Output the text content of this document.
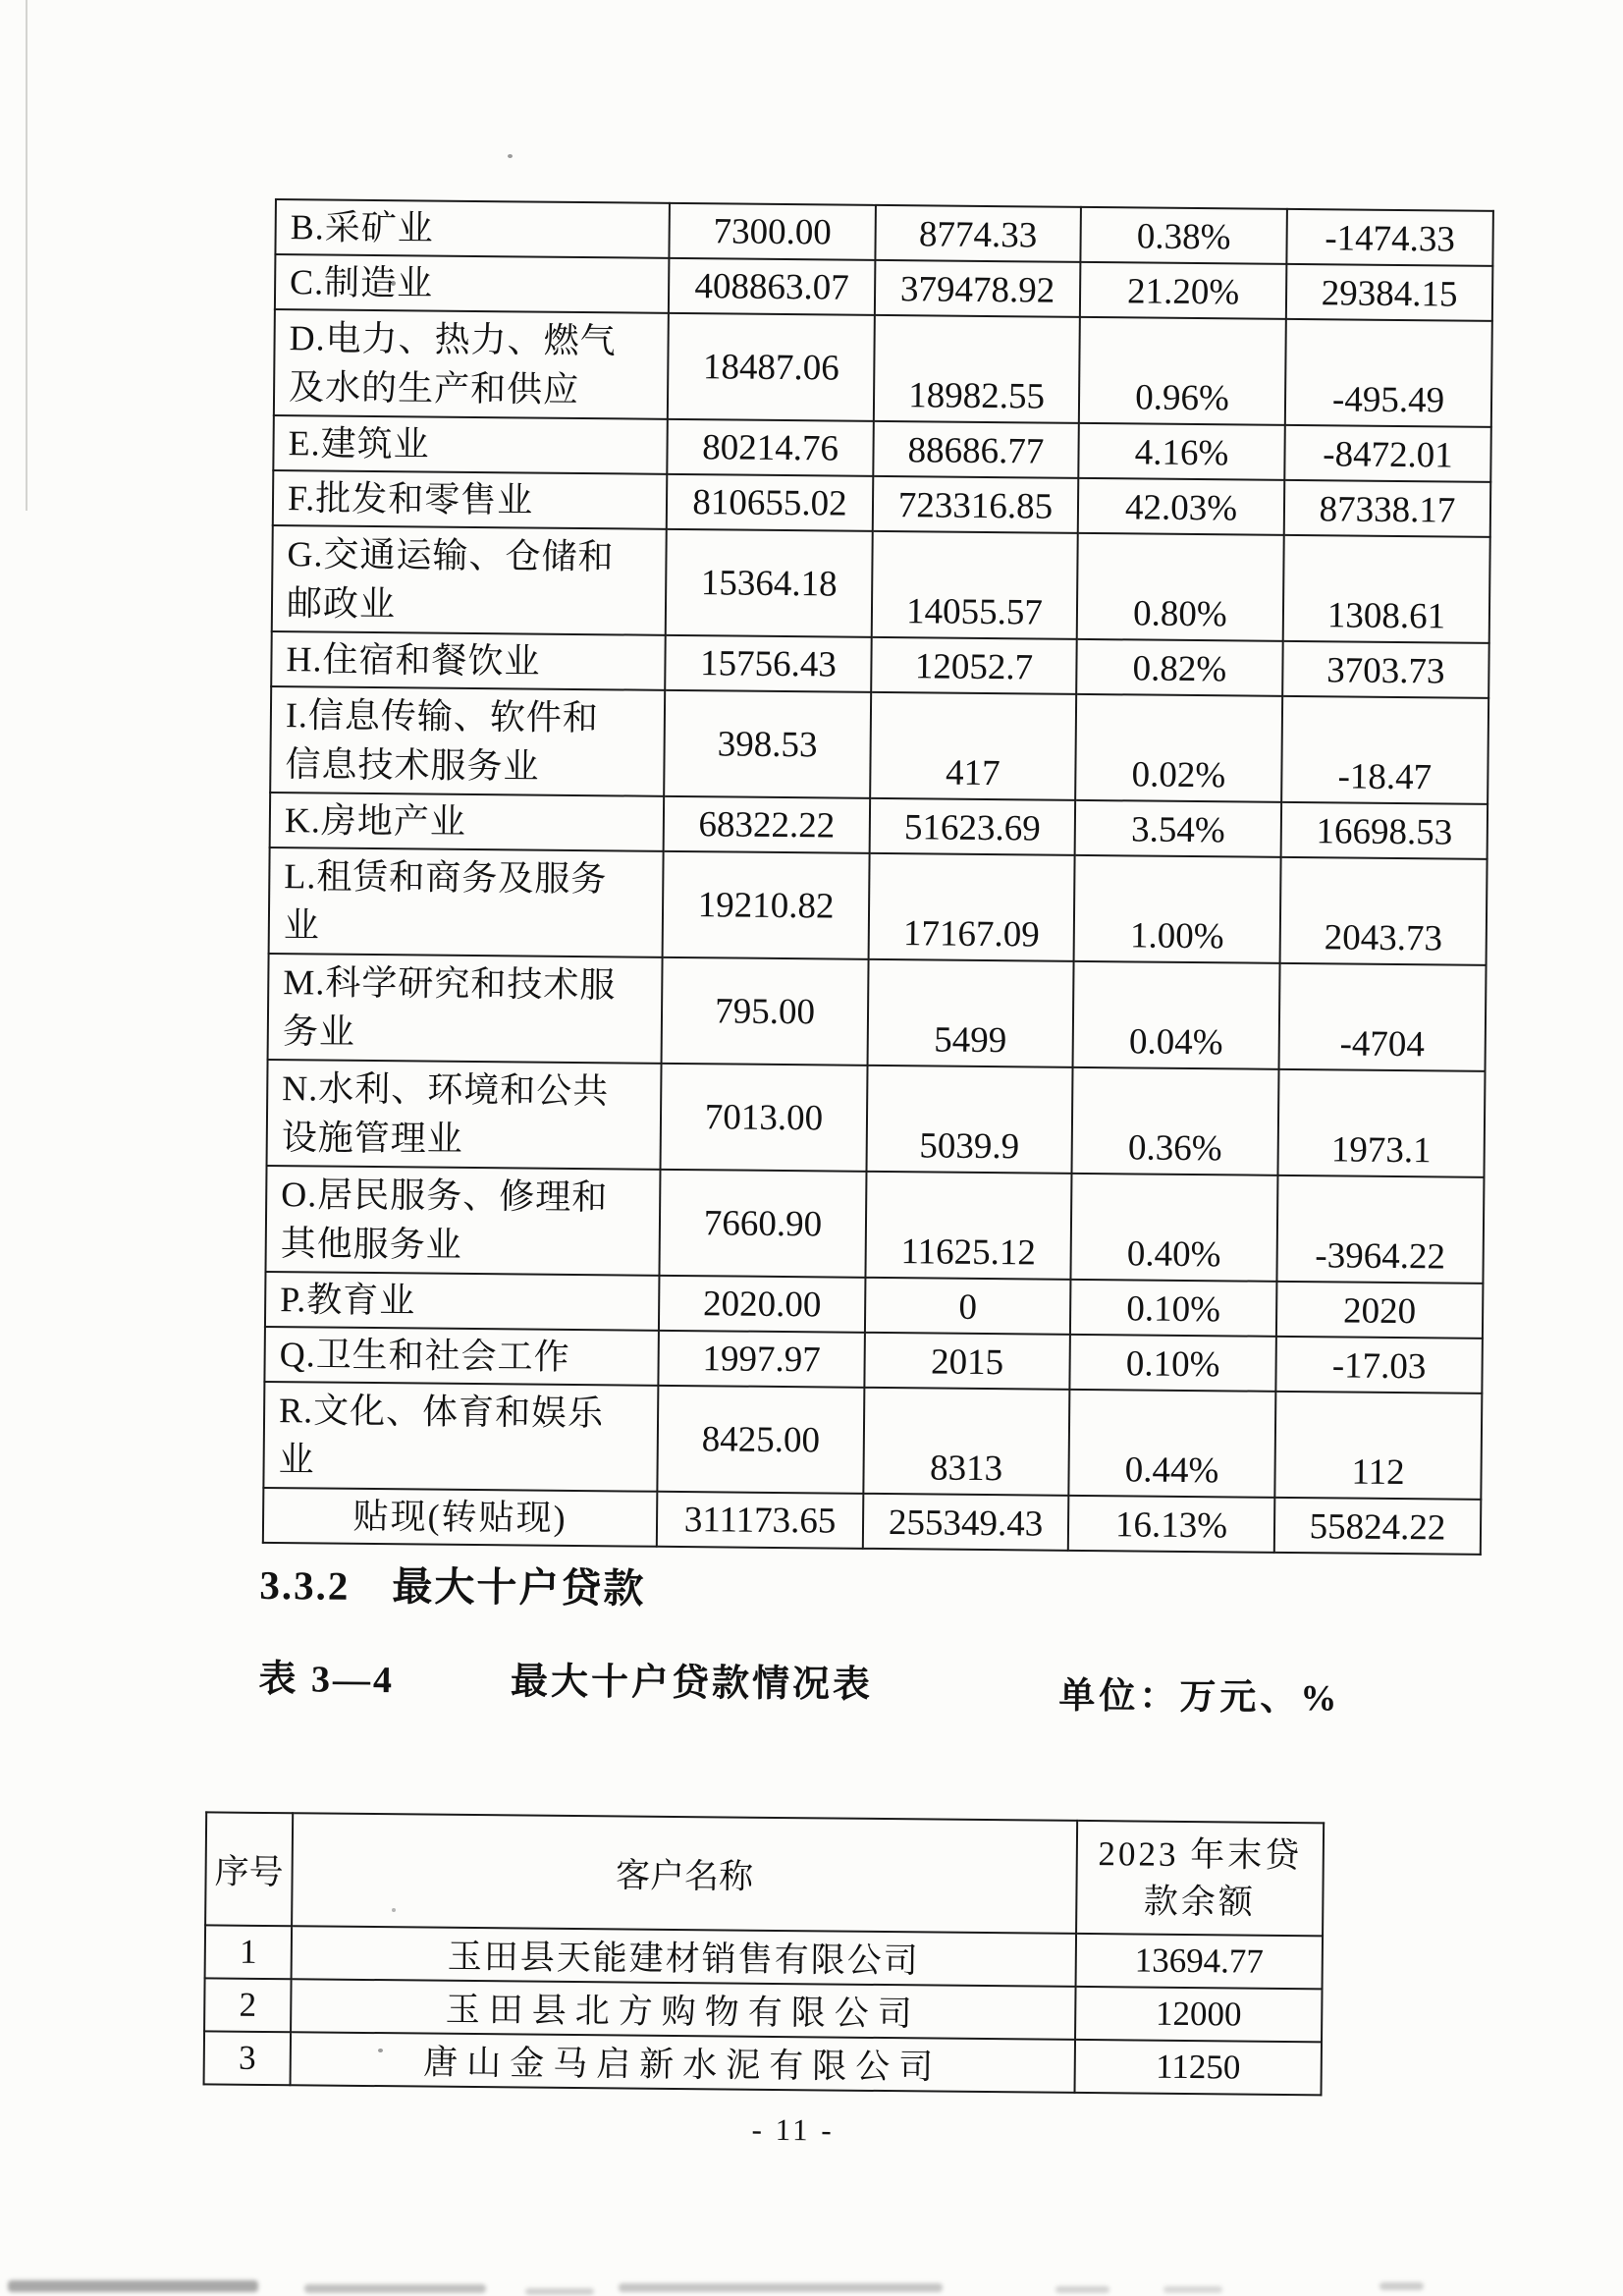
B.采矿业	7300.00	8774.33	0.38%	-1474.33
C.制造业	408863.07	379478.92	21.20%	29384.15
D.电力、热力、燃气
及水的生产和供应	18487.06	18982.55	0.96%	-495.49
E.建筑业	80214.76	88686.77	4.16%	-8472.01
F.批发和零售业	810655.02	723316.85	42.03%	87338.17
G.交通运输、仓储和
邮政业	15364.18	14055.57	0.80%	1308.61
H.住宿和餐饮业	15756.43	12052.7	0.82%	3703.73
I.信息传输、软件和
信息技术服务业	398.53	417	0.02%	-18.47
K.房地产业	68322.22	51623.69	3.54%	16698.53
L.租赁和商务及服务
业	19210.82	17167.09	1.00%	2043.73
M.科学研究和技术服
务业	795.00	5499	0.04%	-4704
N.水利、环境和公共
设施管理业	7013.00	5039.9	0.36%	1973.1
O.居民服务、修理和
其他服务业	7660.90	11625.12	0.40%	-3964.22
P.教育业	2020.00	0	0.10%	2020
Q.卫生和社会工作	1997.97	2015	0.10%	-17.03
R.文化、体育和娱乐
业	8425.00	8313	0.44%	112
贴现(转贴现)	311173.65	255349.43	16.13%	55824.22
3.3.2　最大十户贷款
表 3—4	最大十户贷款情况表	单位：万元、%
序号	客户名称	2023 年末贷
款余额
1	玉田县天能建材销售有限公司	13694.77
2	玉田县北方购物有限公司	12000
3	唐山金马启新水泥有限公司	11250
- 11 -
